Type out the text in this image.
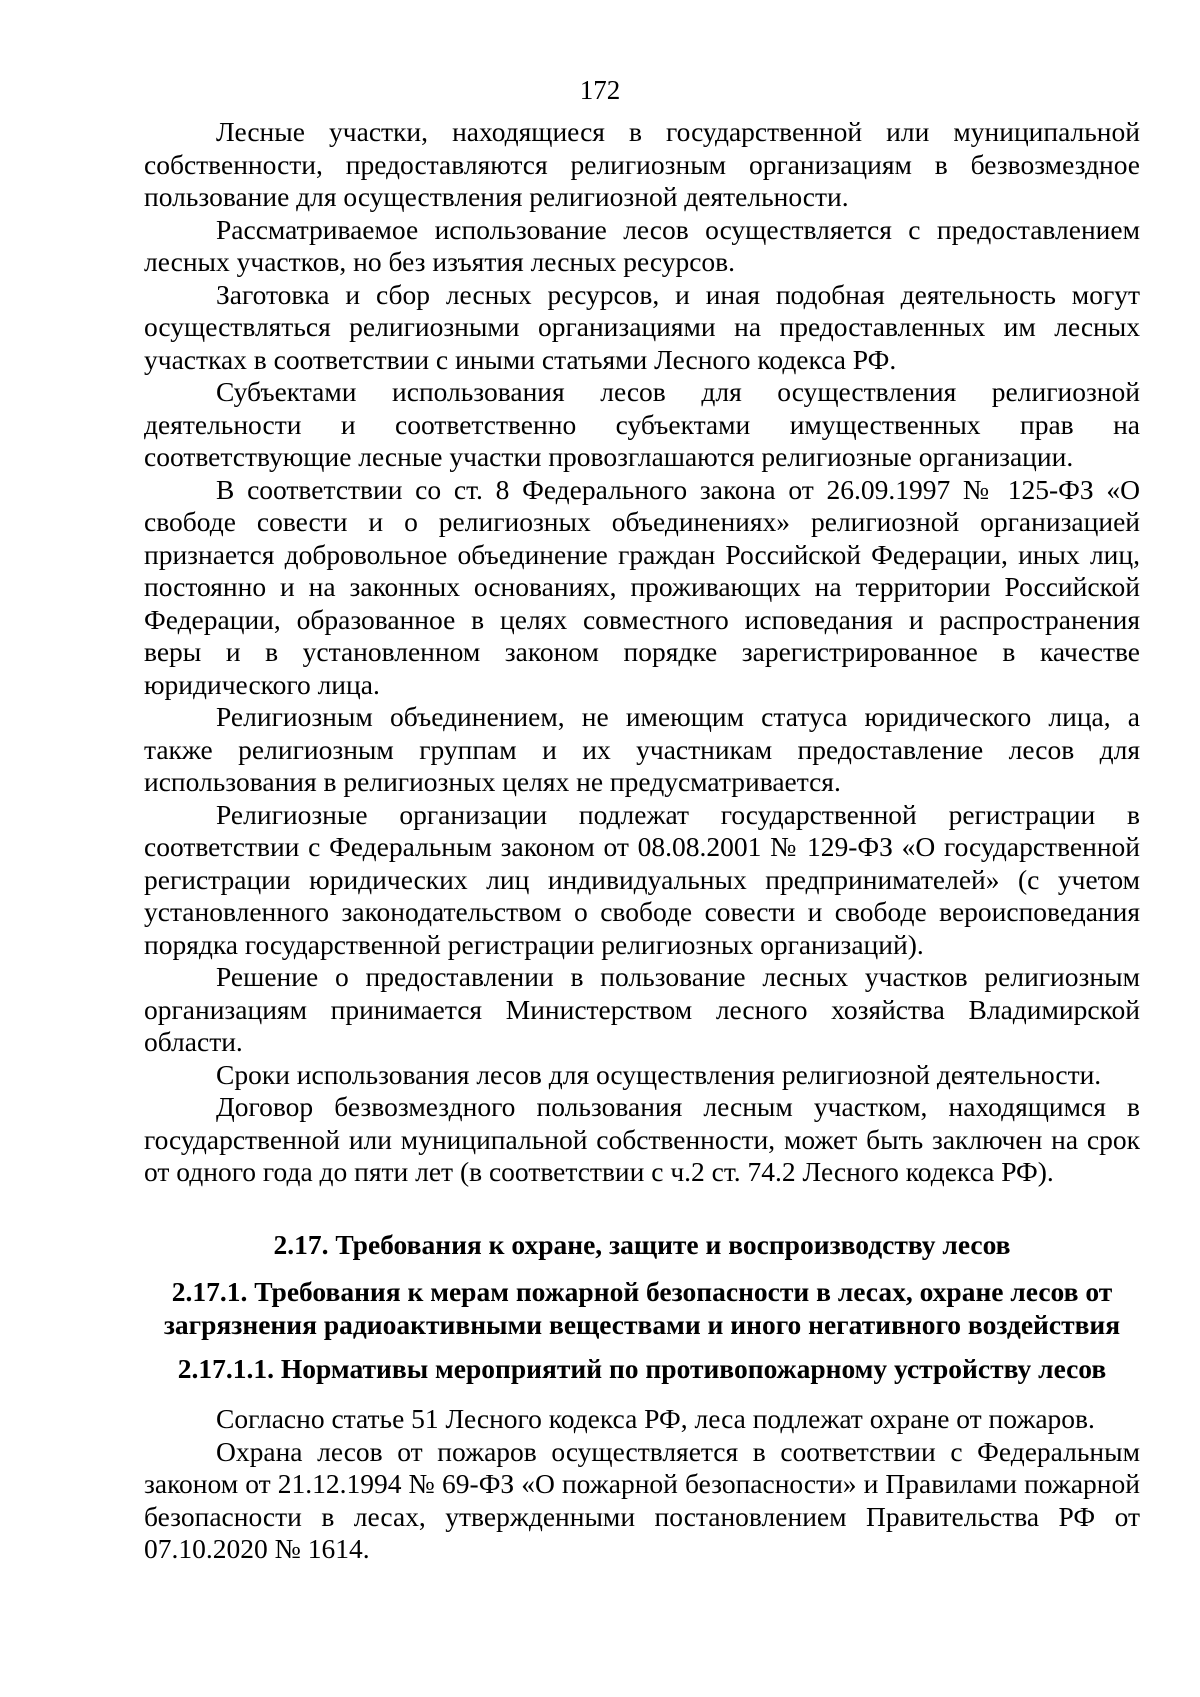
172

Лесные участки, находящиеся в государственной или муниципальной собственности, предоставляются религиозным организациям в безвозмездное пользование для осуществления религиозной деятельности.

Рассматриваемое использование лесов осуществляется с предоставлением лесных участков, но без изъятия лесных ресурсов.

Заготовка и сбор лесных ресурсов, и иная подобная деятельность могут осуществляться религиозными организациями на предоставленных им лесных участках в соответствии с иными статьями Лесного кодекса РФ.

Субъектами использования лесов для осуществления религиозной деятельности и соответственно субъектами имущественных прав на соответствующие лесные участки провозглашаются религиозные организации.

В соответствии со ст. 8 Федерального закона от 26.09.1997 № 125-ФЗ «О свободе совести и о религиозных объединениях» религиозной организацией признается добровольное объединение граждан Российской Федерации, иных лиц, постоянно и на законных основаниях, проживающих на территории Российской Федерации, образованное в целях совместного исповедания и распространения веры и в установленном законом порядке зарегистрированное в качестве юридического лица.

Религиозным объединением, не имеющим статуса юридического лица, а также религиозным группам и их участникам предоставление лесов для использования в религиозных целях не предусматривается.

Религиозные организации подлежат государственной регистрации в соответствии с Федеральным законом от 08.08.2001 № 129-ФЗ «О государственной регистрации юридических лиц индивидуальных предпринимателей» (с учетом установленного законодательством о свободе совести и свободе вероисповедания порядка государственной регистрации религиозных организаций).

Решение о предоставлении в пользование лесных участков религиозным организациям принимается Министерством лесного хозяйства Владимирской области.

Сроки использования лесов для осуществления религиозной деятельности.

Договор безвозмездного пользования лесным участком, находящимся в государственной или муниципальной собственности, может быть заключен на срок от одного года до пяти лет (в соответствии с ч.2 ст. 74.2 Лесного кодекса РФ).

2.17. Требования к охране, защите и воспроизводству лесов
2.17.1. Требования к мерам пожарной безопасности в лесах, охране лесов от загрязнения радиоактивными веществами и иного негативного воздействия
2.17.1.1. Нормативы мероприятий по противопожарному устройству лесов

Согласно статье 51 Лесного кодекса РФ, леса подлежат охране от пожаров.

Охрана лесов от пожаров осуществляется в соответствии с Федеральным законом от 21.12.1994 № 69-ФЗ «О пожарной безопасности» и Правилами пожарной безопасности в лесах, утвержденными постановлением Правительства РФ от 07.10.2020 № 1614.
